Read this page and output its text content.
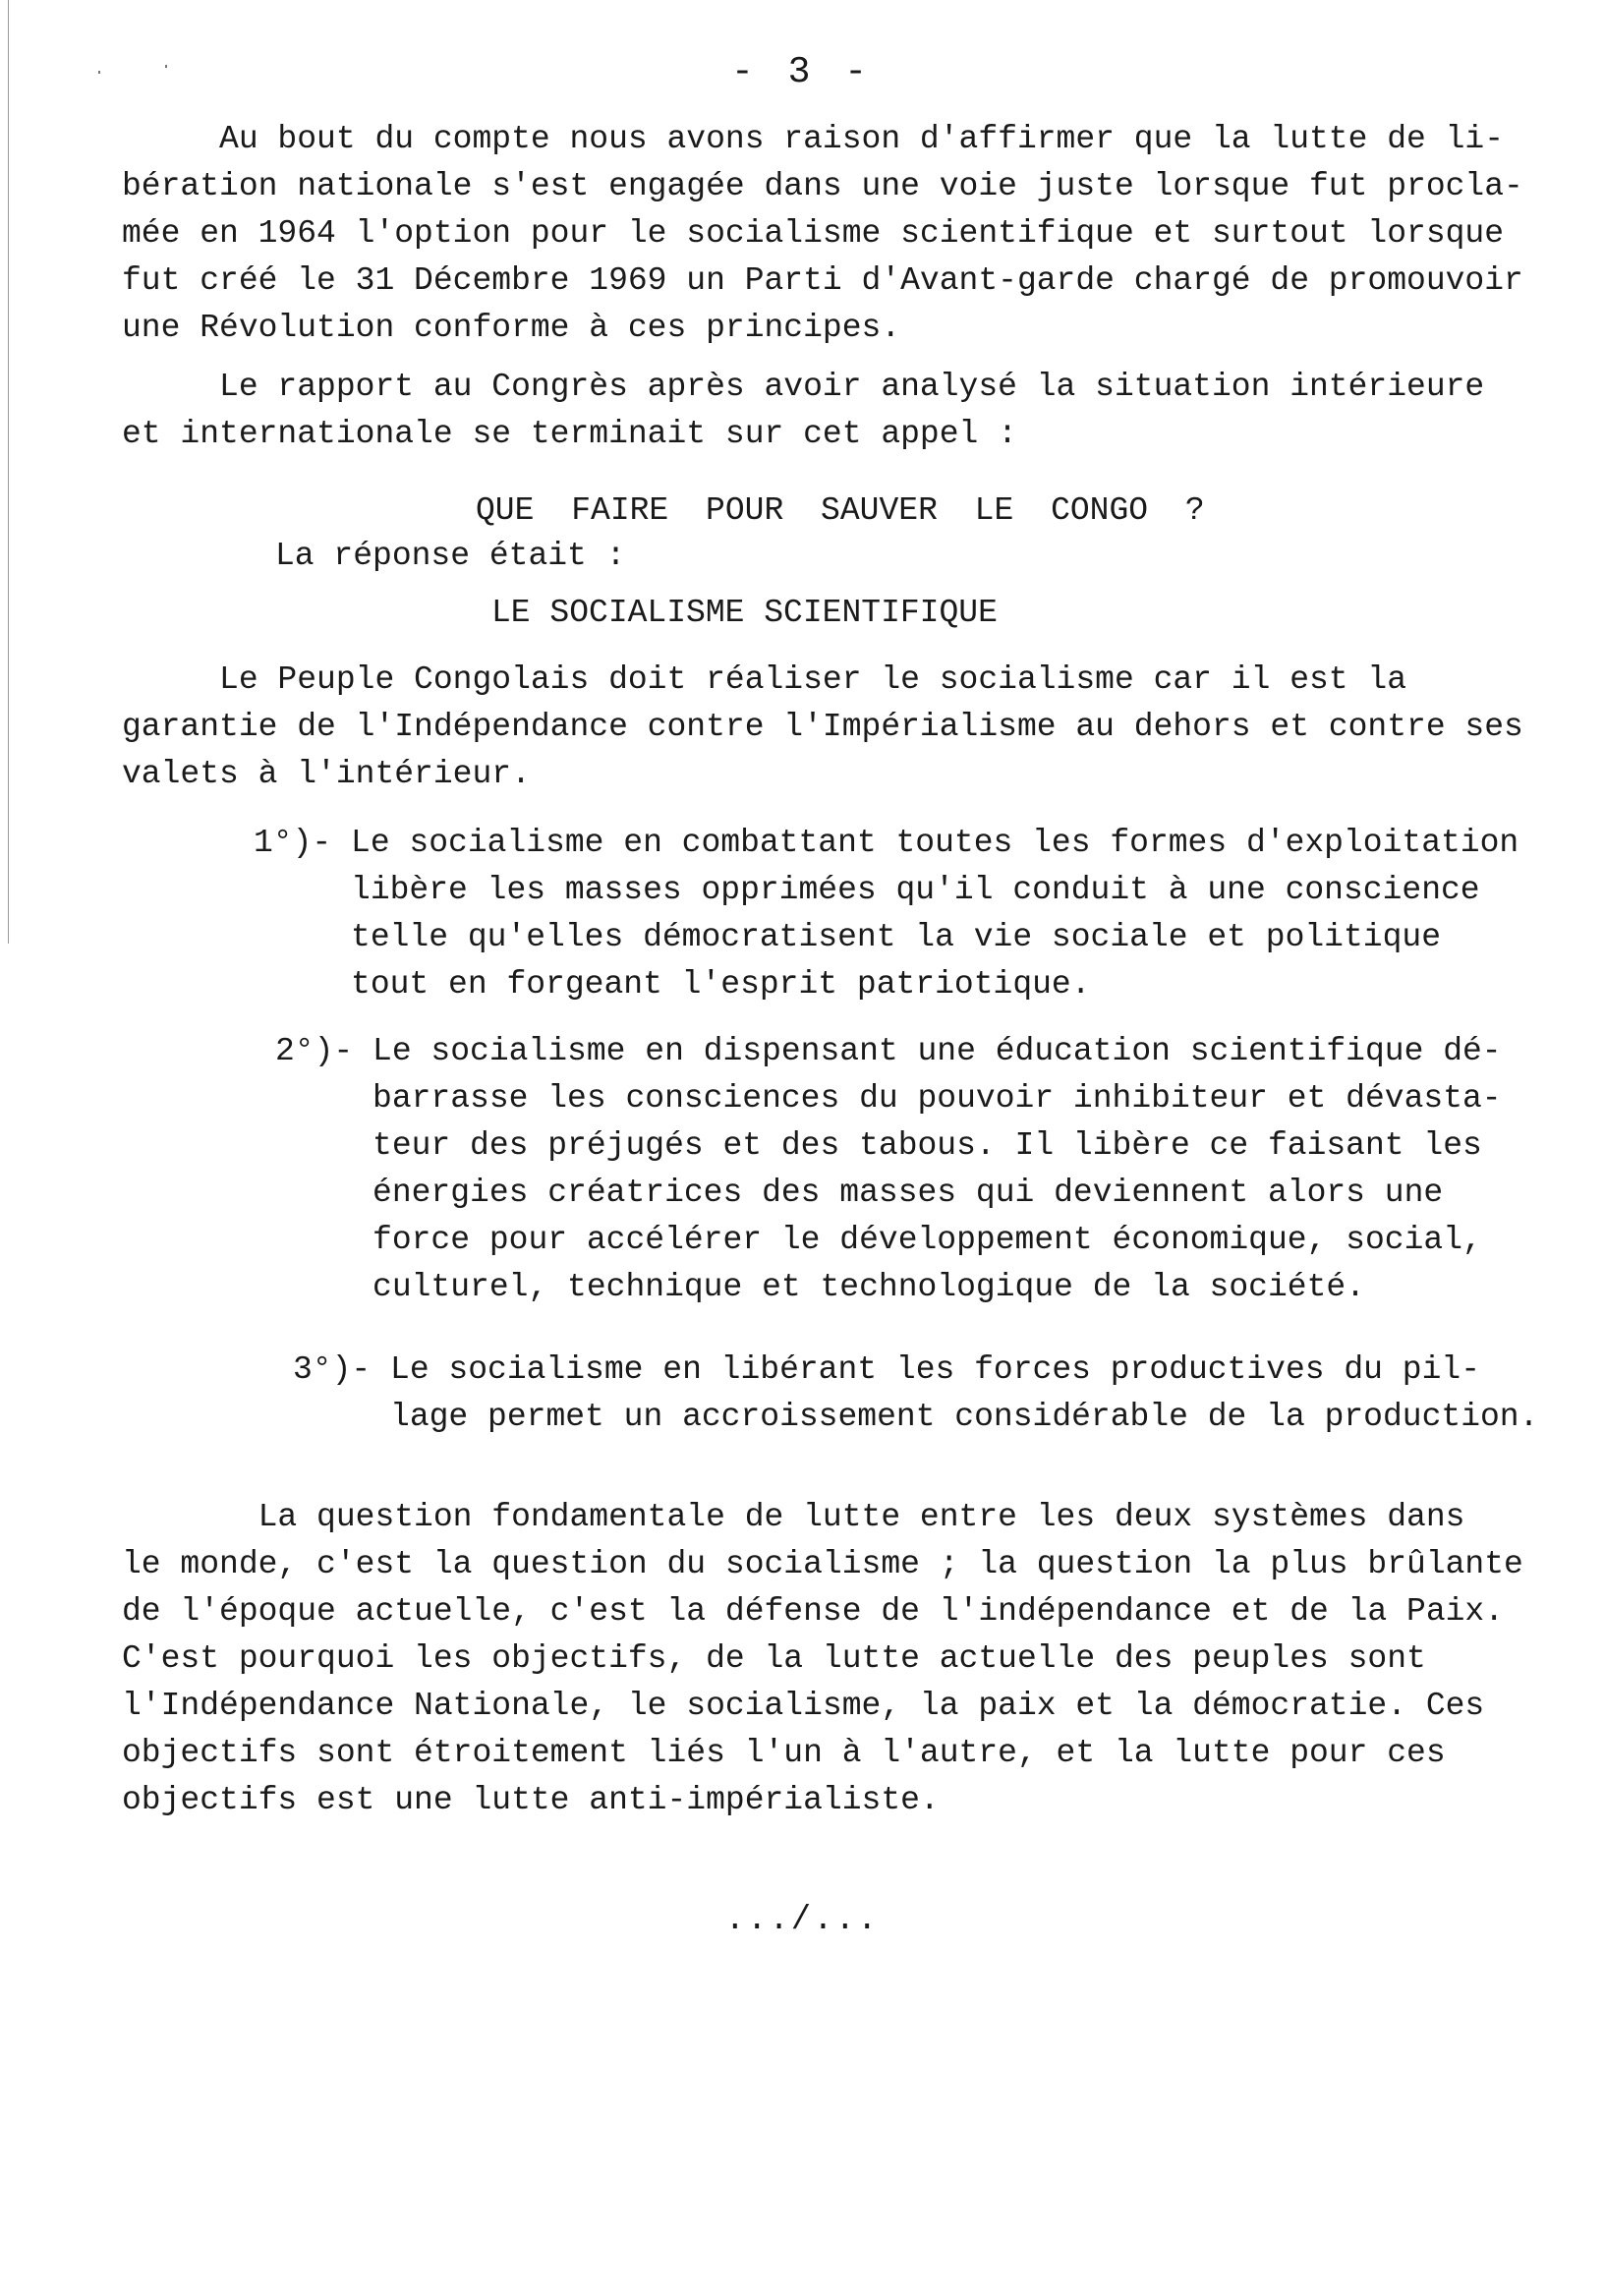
- 3 -
Au bout du compte nous avons raison d'affirmer que la lutte de li-
bération nationale s'est engagée dans une voie juste lorsque fut procla-
mée en 1964 l'option pour le socialisme scientifique et surtout lorsque
fut créé le 31 Décembre 1969 un Parti d'Avant-garde chargé de promouvoir
une Révolution conforme à ces principes.
Le rapport au Congrès après avoir analysé la situation intérieure
et internationale se terminait sur cet appel :
QUE FAIRE POUR SAUVER LE CONGO ?
La réponse était :
LE SOCIALISME SCIENTIFIQUE
Le Peuple Congolais doit réaliser le socialisme car il est la
garantie de l'Indépendance contre l'Impérialisme au dehors et contre ses
valets à l'intérieur.
1°)- Le socialisme en combattant toutes les formes d'exploitation
libère les masses opprimées qu'il conduit à une conscience
telle qu'elles démocratisent la vie sociale et politique
tout en forgeant l'esprit patriotique.
2°)- Le socialisme en dispensant une éducation scientifique dé-
barrasse les consciences du pouvoir inhibiteur et dévasta-
teur des préjugés et des tabous. Il libère ce faisant les
énergies créatrices des masses qui deviennent alors une
force pour accélérer le développement économique, social,
culturel, technique et technologique de la société.
3°)- Le socialisme en libérant les forces productives du pil-
lage permet un accroissement considérable de la production.
La question fondamentale de lutte entre les deux systèmes dans
le monde, c'est la question du socialisme ; la question la plus brûlante
de l'époque actuelle, c'est la défense de l'indépendance et de la Paix.
C'est pourquoi les objectifs, de la lutte actuelle des peuples sont
l'Indépendance Nationale, le socialisme, la paix et la démocratie. Ces
objectifs sont étroitement liés l'un à l'autre, et la lutte pour ces
objectifs est une lutte anti-impérialiste.
.../...
